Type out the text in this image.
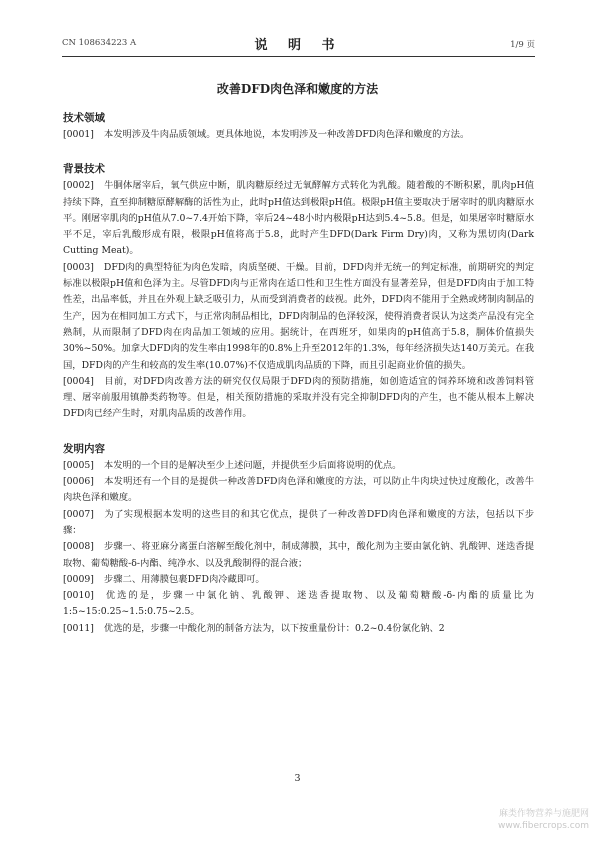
CN 108634223 A	说 明 书	1/9 页
改善DFD肉色泽和嫩度的方法
技术领域

[0001] 本发明涉及牛肉品质领域。更具体地说，本发明涉及一种改善DFD肉色泽和嫩度的方法。

背景技术

[0002] 牛胴体屠宰后，氧气供应中断，肌肉糖原经过无氧酵解方式转化为乳酸。随着酸的不断积累，肌肉pH值持续下降，直至抑制糖原酵解酶的活性为止，此时pH值达到极限pH值。极限pH值主要取决于屠宰时的肌肉糖原水平。刚屠宰肌肉的pH值从7.0~7.4开始下降，宰后24~48小时内极限pH达到5.4~5.8。但是，如果屠宰时糖原水平不足，宰后乳酸形成有限，极限pH值将高于5.8，此时产生DFD(Dark Firm Dry)肉，又称为黑切肉(Dark Cutting Meat)。

[0003] DFD肉的典型特征为肉色发暗，肉质坚硬、干燥。目前，DFD肉并无统一的判定标准，前期研究的判定标准以极限pH值和色泽为主。尽管DFD肉与正常肉在适口性和卫生性方面没有显著差异，但是DFD肉由于加工特性差，出品率低，并且在外观上缺乏吸引力，从而受到消费者的歧视。此外，DFD肉不能用于全熟或烤制肉制品的生产，因为在相同加工方式下，与正常肉制品相比，DFD肉制品的色泽较深，使得消费者误认为这类产品没有完全熟制，从而限制了DFD肉在肉品加工领域的应用。据统计，在西班牙，如果肉的pH值高于5.8，胴体价值损失30%~50%。加拿大DFD肉的发生率由1998年的0.8%上升至2012年的1.3%，每年经济损失达140万美元。在我国，DFD肉的产生和较高的发生率(10.07%)不仅造成肌肉品质的下降，而且引起商业价值的损失。

[0004] 目前，对DFD肉改善方法的研究仅仅局限于DFD肉的预防措施，如创造适宜的饲养环境和改善饲料管理、屠宰前服用镇静类药物等。但是，相关预防措施的采取并没有完全抑制DFD肉的产生，也不能从根本上解决DFD肉已经产生时，对肌肉品质的改善作用。

发明内容

[0005] 本发明的一个目的是解决至少上述问题，并提供至少后面将说明的优点。

[0006] 本发明还有一个目的是提供一种改善DFD肉色泽和嫩度的方法，可以防止牛肉块过快过度酸化，改善牛肉块色泽和嫩度。

[0007] 为了实现根据本发明的这些目的和其它优点，提供了一种改善DFD肉色泽和嫩度的方法，包括以下步骤：

[0008] 步骤一、将亚麻分离蛋白溶解至酸化剂中，制成薄膜，其中，酸化剂为主要由氯化钠、乳酸钾、迷迭香提取物、葡萄糖酸-δ-内酯、纯净水、以及乳酸制得的混合液；

[0009] 步骤二、用薄膜包裹DFD肉冷藏即可。

[0010] 优选的是，步骤一中氯化钠、乳酸钾、迷迭香提取物、以及葡萄糖酸-δ-内酯的质量比为1:5~15:0.25~1.5:0.75~2.5。

[0011] 优选的是，步骤一中酸化剂的制备方法为，以下按重量份计：0.2~0.4份氯化钠、2

3
麻类作物营养与施肥网
www.fibercrops.com
